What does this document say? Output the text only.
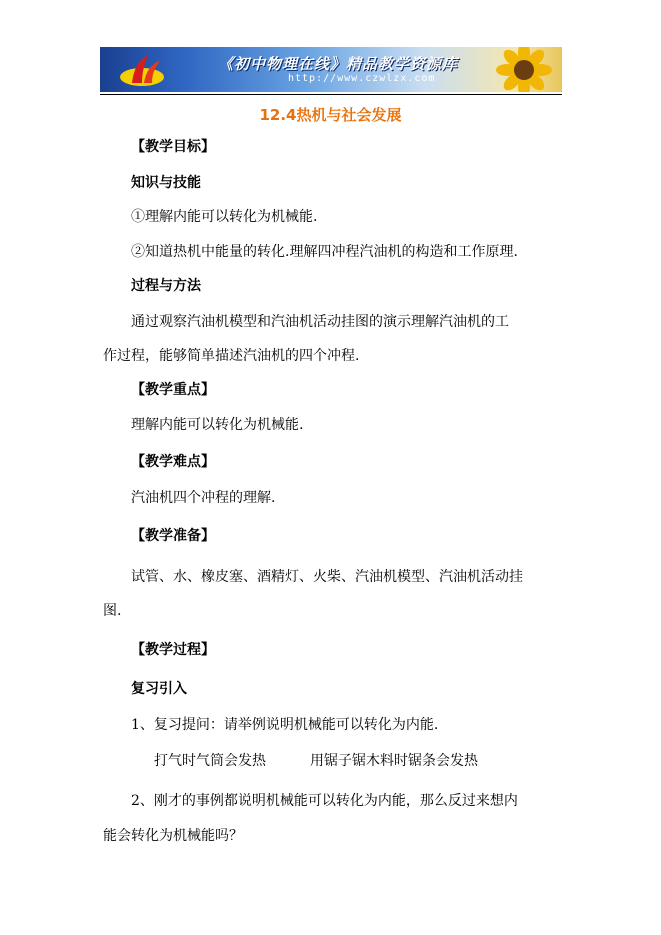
《初中物理在线》精品教学资源库
http://www.czwlzx.com
12.4热机与社会发展
【教学目标】
知识与技能
①理解内能可以转化为机械能.
②知道热机中能量的转化.理解四冲程汽油机的构造和工作原理.
过程与方法
通过观察汽油机模型和汽油机活动挂图的演示理解汽油机的工
作过程，能够简单描述汽油机的四个冲程.
【教学重点】
理解内能可以转化为机械能.
【教学难点】
汽油机四个冲程的理解.
【教学准备】
试管、水、橡皮塞、酒精灯、火柴、汽油机模型、汽油机活动挂
图.
【教学过程】
复习引入
1、复习提问：请举例说明机械能可以转化为内能.
打气时气筒会发热	用锯子锯木料时锯条会发热
2、刚才的事例都说明机械能可以转化为内能，那么反过来想内
能会转化为机械能吗？
